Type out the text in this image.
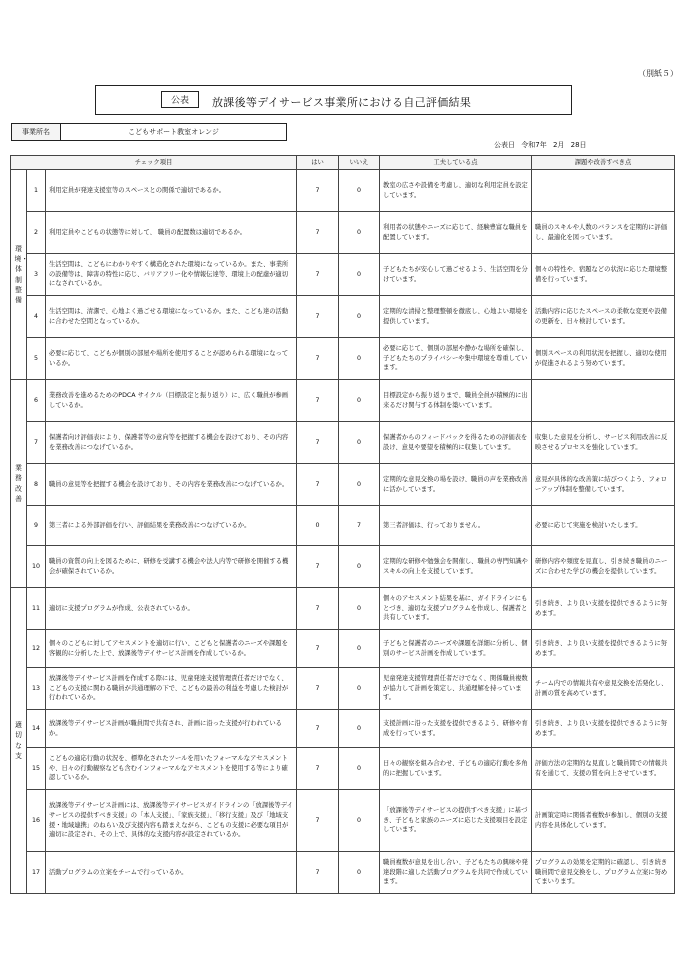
（別紙５）
公表	放課後等デイサービス事業所における自己評価結果
事業所名	こどもサポート教室オレンジ
公表日 令和7年 2月 28日
チェック項目			はい	いいえ	工夫している点	課題や改善すべき点
環境・体制整備	1	利用定員が発達支援室等のスペースとの関係で適切であるか。	7	0	教室の広さや設備を考慮し、適切な利用定員を設定しています。	
	2	利用定員やこどもの状態等に対して、 職員の配置数は適切であるか。	7	0	利用者の状態やニーズに応じて、経験豊富な職員を配置しています。	職員のスキルや人数のバランスを定期的に評価し、最適化を図っています。
	3	生活空間は、こどもにわかりやすく構造化された環境になっているか。また、事業所の設備等は、障害の特性に応じ、バリアフリー化や情報伝達等、環境上の配慮が適切になされているか。	7	0	子どもたちが安心して過ごせるよう、生活空間を分けています。	個々の特性や、宿題などの状況に応じた環境整備を行っています。
	4	生活空間は、清潔で、心地よく過ごせる環境になっているか。また、こども達の活動に合わせた空間となっているか。	7	0	定期的な清掃と整理整頓を徹底し、心地よい環境を提供しています。	活動内容に応じたスペースの柔軟な変更や設備の更新を、日々検討しています。
	5	必要に応じて、こどもが個別の部屋や場所を使用することが認められる環境になっているか。	7	0	必要に応じて、個別の部屋や静かな場所を確保し、子どもたちのプライバシーや集中環境を尊重しています。	個別スペースの利用状況を把握し、適切な使用が促進されるよう努めています。
業務改善	6	業務改善を進めるためのPDCA サイクル（目標設定と振り返り）に、広く職員が参画しているか。	7	0	目標設定から振り返りまで、職員全員が積極的に出来るだけ関与する体制を築いています。	
	7	保護者向け評価表により、保護者等の意向等を把握する機会を設けており、その内容を業務改善につなげているか。	7	0	保護者からのフィードバックを得るための評価表を設け、意見や要望を積極的に収集しています。	収集した意見を分析し、サービス利用改善に反映させるプロセスを強化しています。
	8	職員の意見等を把握する機会を設けており、その内容を業務改善につなげているか。	7	0	定期的な意見交換の場を設け、職員の声を業務改善に活かしています。	意見が具体的な改善策に結びつくよう、フォローアップ体制を整備しています。
	9	第三者による外部評価を行い、評価結果を業務改善につなげているか。	0	7	第三者評価は、行っておりません。	必要に応じて実施を検討いたします。
	10	職員の資質の向上を図るために、研修を受講する機会や法人内等で研修を開催する機会が確保されているか。	7	0	定期的な研修や勉強会を開催し、職員の専門知識やスキルの向上を支援しています。	研修内容や頻度を見直し、引き続き職員のニーズに合わせた学びの機会を提供しています。
適切な支	11	適切に支援プログラムが作成、公表されているか。	7	0	個々のアセスメント結果を基に、ガイドラインにもとづき、適切な支援プログラムを作成し、保護者と共有しています。	引き続き、より良い支援を提供できるように努めます。
	12	個々のこどもに対してアセスメントを適切に行い、こどもと保護者のニーズや課題を客観的に分析した上で、放課後等デイサービス計画を作成しているか。	7	0	子どもと保護者のニーズや課題を詳細に分析し、個別のサービス計画を作成しています。	引き続き、より良い支援を提供できるように努めます。
	13	放課後等デイサービス計画を作成する際には、児童発達支援管理責任者だけでなく、こどもの支援に関わる職員が共通理解の下で、こどもの最善の利益を考慮した検討が行われているか。	7	0	児童発達支援管理責任者だけでなく、関係職員複数が協力して計画を策定し、共通理解を持っています。	チーム内での情報共有や意見交換を活発化し、計画の質を高めています。
	14	放課後等デイサービス計画が職員間で共有され、計画に沿った支援が行われているか。	7	0	支援計画に沿った支援を提供できるよう、研修や育成を行っています。	引き続き、より良い支援を提供できるように努めます。
	15	こどもの適応行動の状況を、標準化されたツールを用いたフォーマルなアセスメントや、日々の行動観察なども含むインフォーマルなアセスメントを使用する等により確認しているか。	7	0	日々の観察を組み合わせ、子どもの適応行動を多角的に把握しています。	評価方法の定期的な見直しと職員間での情報共有を通じて、支援の質を向上させています。
	16	放課後等デイサービス計画には、放課後等デイサービスガイドラインの「放課後等デイサービスの提供すべき支援」の「本人支援」、「家族支援」、「移行支援」及び「地域支援・地域連携」のねらい及び支援内容も踏まえながら、こどもの支援に必要な項目が適切に設定され、その上で、具体的な支援内容が設定されているか。	7	0	「放課後等デイサービスの提供すべき支援」に基づき、子どもと家族のニーズに応じた支援項目を設定しています。	計画策定時に関係者複数が参加し、個別の支援内容を具体化しています。
	17	活動プログラムの立案をチームで行っているか。	7	0	職員複数が意見を出し合い、子どもたちの興味や発達段階に適した活動プログラムを共同で作成しています。	プログラムの効果を定期的に確認し、引き続き職員間で意見交換をし、プログラム立案に努めてまいります。
